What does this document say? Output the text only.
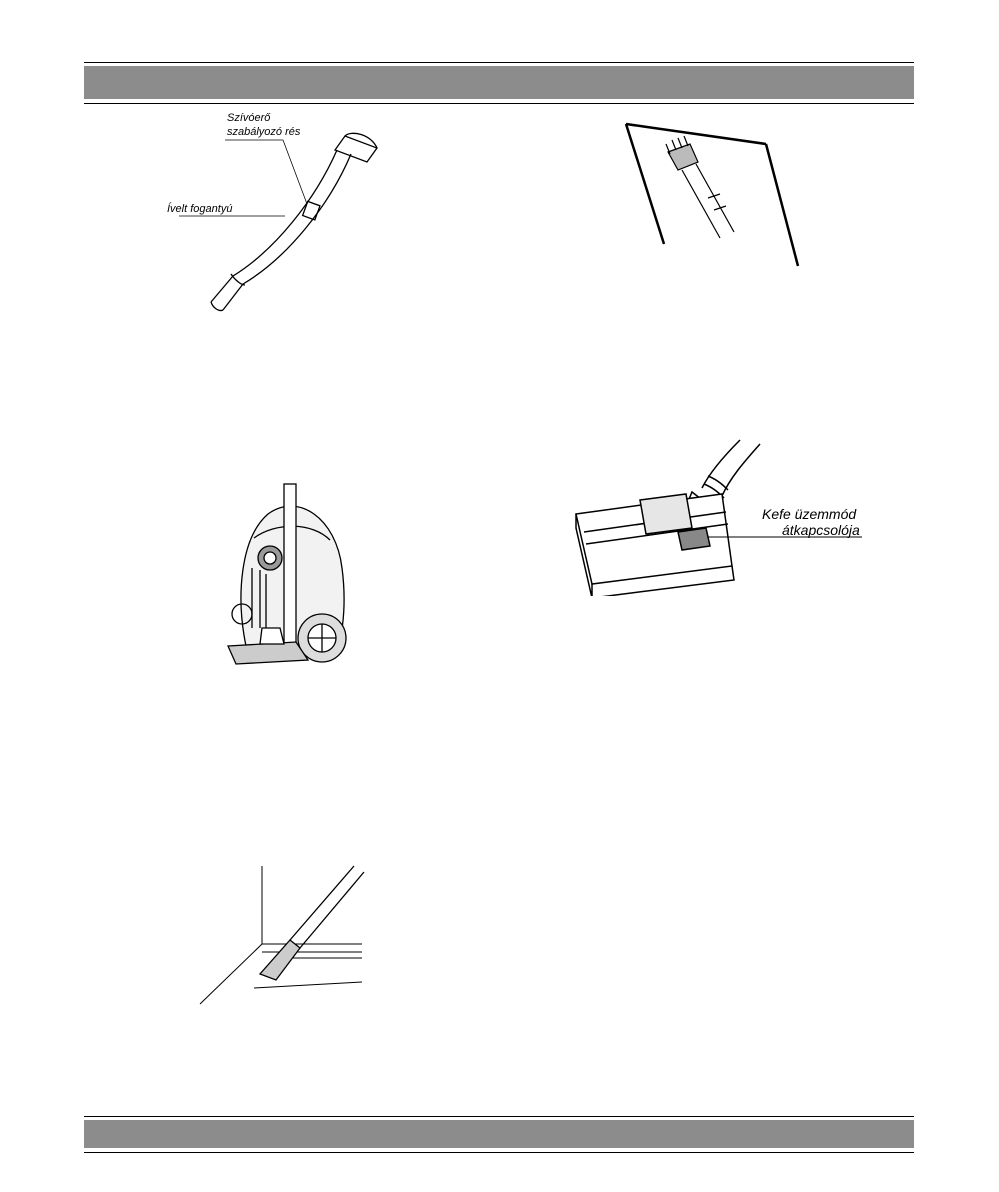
Szívóerő
szabályozó rés
Ívelt fogantyú
Kefe üzemmód
átkapcsolója
